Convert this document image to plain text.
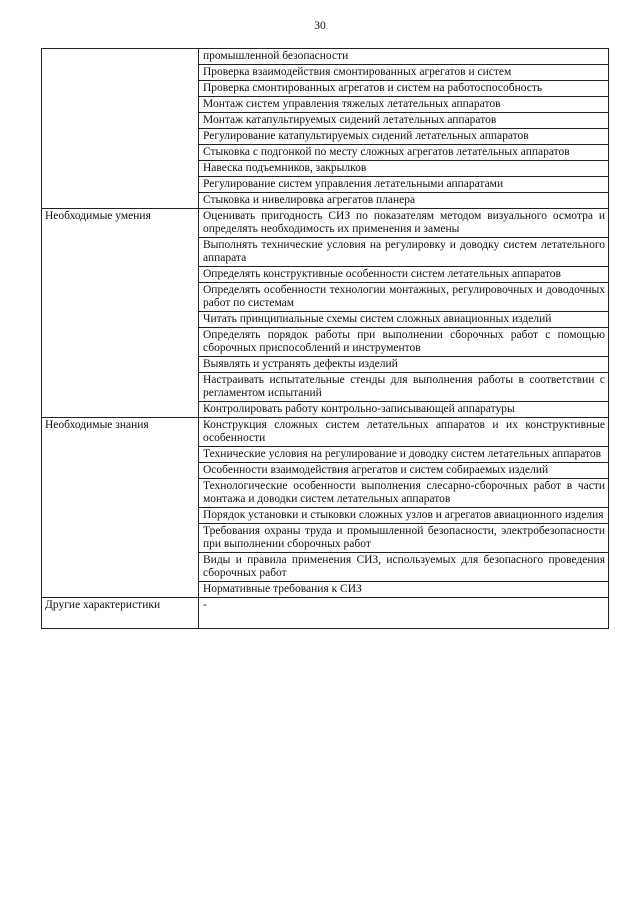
30
	промышленной безопасности
	Проверка взаимодействия смонтированных агрегатов и систем
	Проверка смонтированных агрегатов и систем на работоспособность
	Монтаж систем управления тяжелых летательных аппаратов
	Монтаж катапультируемых сидений летательных аппаратов
	Регулирование катапультируемых сидений летательных аппаратов
	Стыковка с подгонкой по месту сложных агрегатов летательных аппаратов
	Навеска подъемников, закрылков
	Регулирование систем управления летательными аппаратами
	Стыковка и нивелировка агрегатов планера
Необходимые умения	Оценивать пригодность СИЗ по показателям методом визуального осмотра и определять необходимость их применения и замены
	Выполнять технические условия на регулировку и доводку систем летательного аппарата
	Определять конструктивные особенности систем летательных аппаратов
	Определять особенности технологии монтажных, регулировочных и доводочных работ по системам
	Читать принципиальные схемы систем сложных авиационных изделий
	Определять порядок работы при выполнении сборочных работ с помощью сборочных приспособлений и инструментов
	Выявлять и устранять дефекты изделий
	Настраивать испытательные стенды для выполнения работы в соответствии с регламентом испытаний
	Контролировать работу контрольно-записывающей аппаратуры
Необходимые знания	Конструкция сложных систем летательных аппаратов и их конструктивные особенности
	Технические условия на регулирование и доводку систем летательных аппаратов
	Особенности взаимодействия агрегатов и систем собираемых изделий
	Технологические особенности выполнения слесарно-сборочных работ в части монтажа и доводки систем летательных аппаратов
	Порядок установки и стыковки сложных узлов и агрегатов авиационного изделия
	Требования охраны труда и промышленной безопасности, электробезопасности при выполнении сборочных работ
	Виды и правила применения СИЗ, используемых для безопасного проведения сборочных работ
	Нормативные требования к СИЗ
Другие характеристики	-
